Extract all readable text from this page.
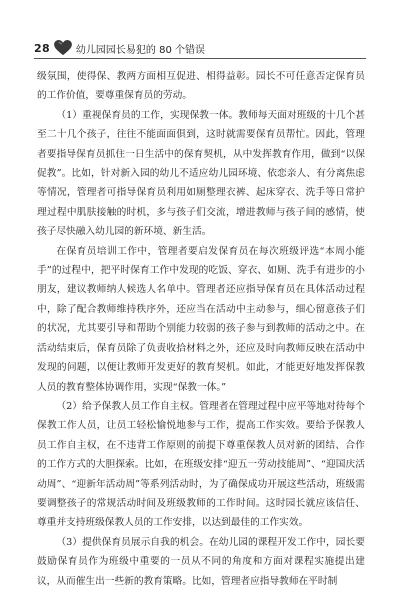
28	幼儿园园长易犯的 80 个错误

级氛围，使得保、教两方面相互促进、相得益彰。园长不可任意否定保育员的工作价值，要尊重保育员的劳动。

（1）重视保育员的工作，实现保教一体。教师每天面对班级的十几个甚至二十几个孩子，往往不能面面俱到，这时就需要保育员帮忙。因此，管理者要指导保育员抓住一日生活中的保育契机，从中发挥教育作用，做到“以保促教”。比如，针对新入园的幼儿不适应幼儿园环境、依恋亲人、有分离焦虑等情况，管理者可指导保育员利用如厕整理衣裤、起床穿衣、洗手等日常护理过程中肌肤接触的时机，多与孩子们交流，增进教师与孩子间的感情，使孩子尽快融入幼儿园的新环境、新生活。

在保育员培训工作中，管理者要启发保育员在每次班级评选“本周小能手”的过程中，把平时保育工作中发现的吃饭、穿衣、如厕、洗手有进步的小朋友，建议教师纳人候选人名单中。管理者还应指导保育员在具体活动过程中，除了配合教师维持秩序外，还应当在活动中主动参与，细心留意孩子们的状况，尤其要引导和帮助个别能力较弱的孩子参与到教师的活动之中。在活动结束后，保育员除了负责收拾材料之外，还应及时向教师反映在活动中发现的问题，以便让教师开发更好的教育契机。如此，才能更好地发挥保教人员的教育整体协调作用，实现“保教一体。”

（2）给予保教人员工作自主权。管理者在管理过程中应平等地对待每个保教工作人员，让员工轻松愉悦地参与工作，提高工作实效。要给予保教人员工作自主权，在不违背工作原则的前提下尊重保教人员对新的团结、合作的工作方式的大胆探索。比如，在班级安排“迎五一劳动技能周”、“迎国庆活动周”、“迎新年活动周”等系列活动时，为了确保成功开展这些活动，班级需要调整孩子的常规活动时间及班级教师的工作时间。这时园长就应该信任、尊重并支持班级保教人员的工作安排，以达到最佳的工作实效。

（3）提供保育员展示自我的机会。在幼儿园的课程开发工作中，园长要鼓励保育员作为班级中重要的一员从不同的角度和方面对课程实施提出建议，从而催生出一些新的教育策略。比如，管理者应指导教师在平时制
